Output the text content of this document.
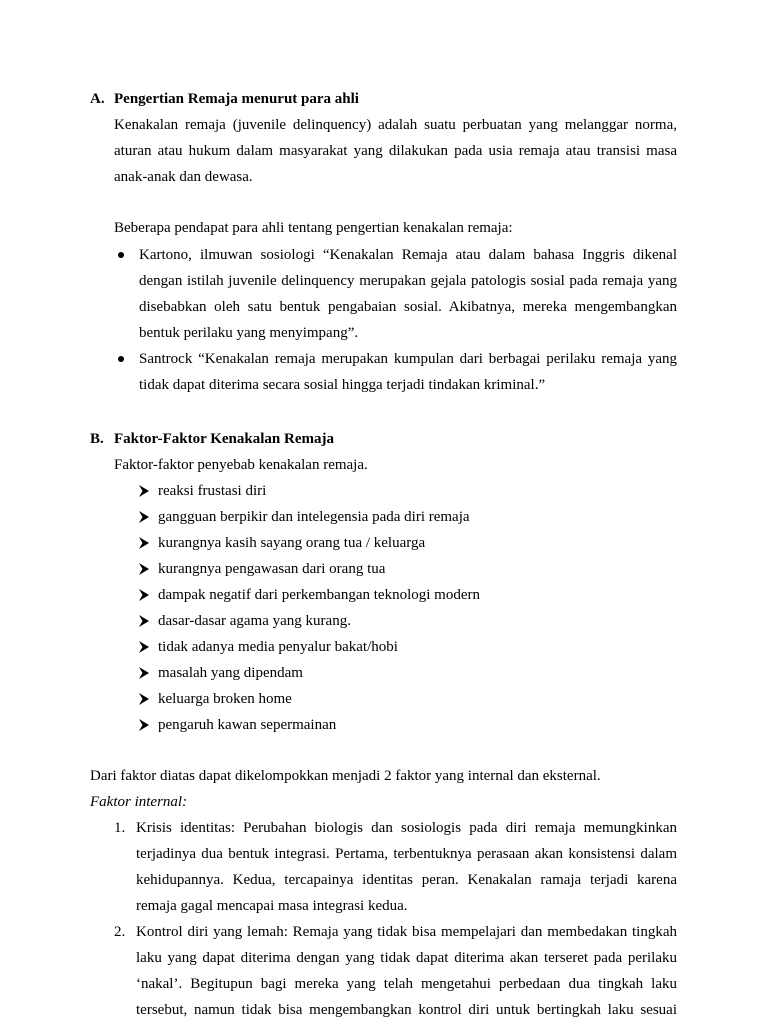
A. Pengertian Remaja menurut para ahli
Kenakalan remaja (juvenile delinquency) adalah suatu perbuatan yang melanggar norma,
aturan atau hukum dalam masyarakat yang dilakukan pada usia remaja atau transisi masa
anak-anak dan dewasa.
Beberapa pendapat para ahli tentang pengertian kenakalan remaja:
Kartono, ilmuwan sosiologi “Kenakalan Remaja atau dalam bahasa Inggris dikenal
dengan istilah juvenile delinquency merupakan gejala patologis sosial pada remaja yang
disebabkan oleh satu bentuk pengabaian sosial. Akibatnya, mereka mengembangkan
bentuk perilaku yang menyimpang”.
Santrock “Kenakalan remaja merupakan kumpulan dari berbagai perilaku remaja yang
tidak dapat diterima secara sosial hingga terjadi tindakan kriminal.”
B. Faktor-Faktor Kenakalan Remaja
Faktor-faktor penyebab kenakalan remaja.
reaksi frustasi diri
gangguan berpikir dan intelegensia pada diri remaja
kurangnya kasih sayang orang tua / keluarga
kurangnya pengawasan dari orang tua
dampak negatif dari perkembangan teknologi modern
dasar-dasar agama yang kurang.
tidak adanya media penyalur bakat/hobi
masalah yang dipendam
keluarga broken home
pengaruh kawan sepermainan
Dari faktor diatas dapat dikelompokkan menjadi 2 faktor yang internal dan eksternal.
Faktor internal:
1. Krisis identitas: Perubahan biologis dan sosiologis pada diri remaja memungkinkan
terjadinya dua bentuk integrasi. Pertama, terbentuknya perasaan akan konsistensi dalam
kehidupannya. Kedua, tercapainya identitas peran. Kenakalan ramaja terjadi karena
remaja gagal mencapai masa integrasi kedua.
2. Kontrol diri yang lemah: Remaja yang tidak bisa mempelajari dan membedakan tingkah
laku yang dapat diterima dengan yang tidak dapat diterima akan terseret pada perilaku
‘nakal’. Begitupun bagi mereka yang telah mengetahui perbedaan dua tingkah laku
tersebut, namun tidak bisa mengembangkan kontrol diri untuk bertingkah laku sesuai
